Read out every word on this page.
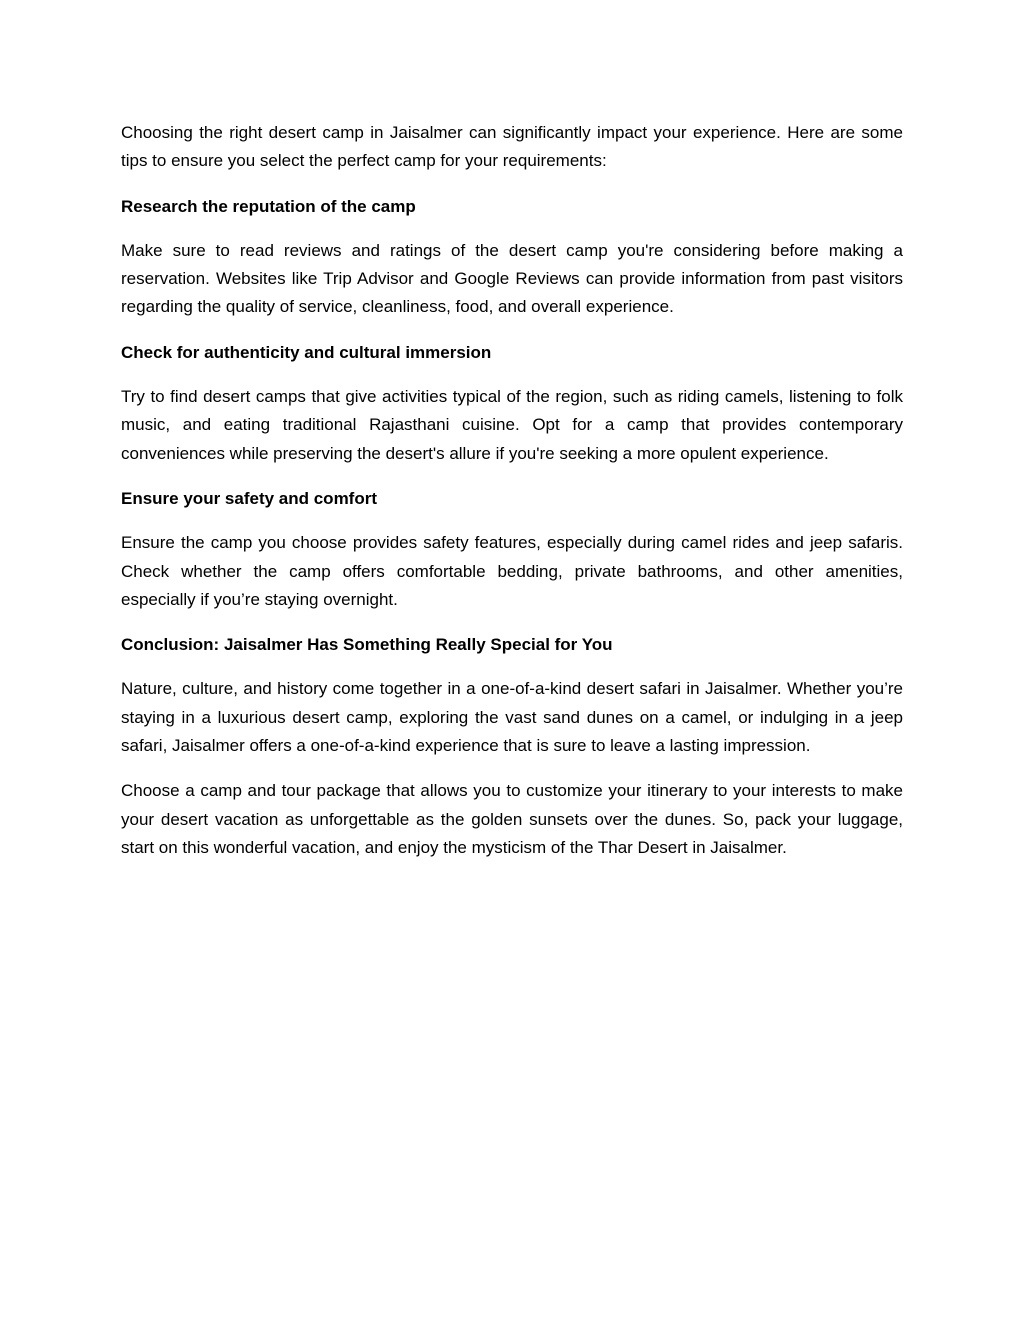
Choosing the right desert camp in Jaisalmer can significantly impact your experience. Here are some tips to ensure you select the perfect camp for your requirements:

Research the reputation of the camp

Make sure to read reviews and ratings of the desert camp you're considering before making a reservation. Websites like Trip Advisor and Google Reviews can provide information from past visitors regarding the quality of service, cleanliness, food, and overall experience.

Check for authenticity and cultural immersion

Try to find desert camps that give activities typical of the region, such as riding camels, listening to folk music, and eating traditional Rajasthani cuisine. Opt for a camp that provides contemporary conveniences while preserving the desert's allure if you're seeking a more opulent experience.

Ensure your safety and comfort

Ensure the camp you choose provides safety features, especially during camel rides and jeep safaris. Check whether the camp offers comfortable bedding, private bathrooms, and other amenities, especially if you’re staying overnight.

Conclusion: Jaisalmer Has Something Really Special for You

Nature, culture, and history come together in a one-of-a-kind desert safari in Jaisalmer. Whether you’re staying in a luxurious desert camp, exploring the vast sand dunes on a camel, or indulging in a jeep safari, Jaisalmer offers a one-of-a-kind experience that is sure to leave a lasting impression.

Choose a camp and tour package that allows you to customize your itinerary to your interests to make your desert vacation as unforgettable as the golden sunsets over the dunes. So, pack your luggage, start on this wonderful vacation, and enjoy the mysticism of the Thar Desert in Jaisalmer.
